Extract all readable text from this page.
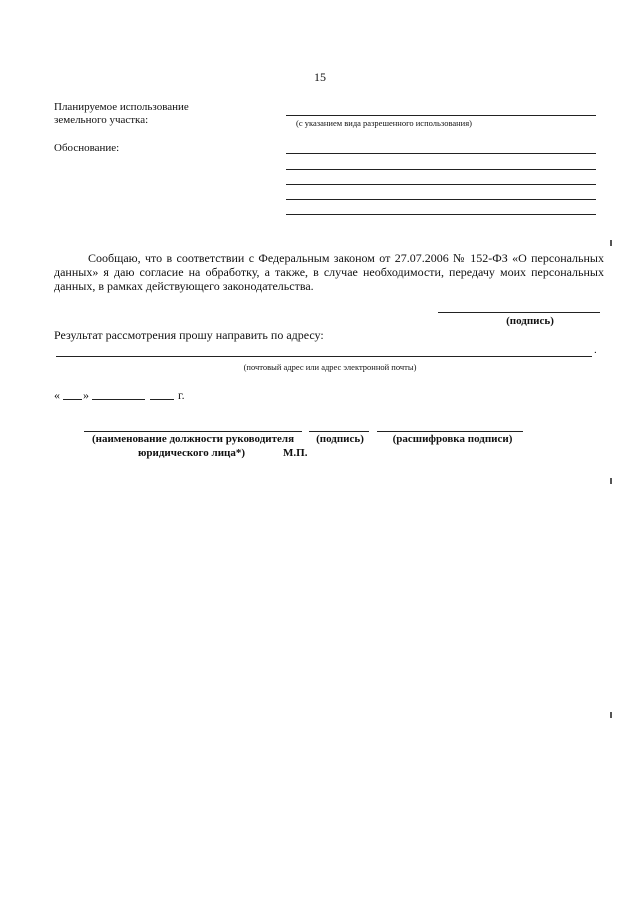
15
Планируемое использование
земельного участка:	(с указанием вида разрешенного использования)
Обоснование:

Сообщаю, что в соответствии с Федеральным законом от 27.07.2006 № 152-ФЗ «О персональных данных» я даю согласие на обработку, а также, в случае необходимости, передачу моих персональных данных, в рамках действующего законодательства.

(подпись)
Результат рассмотрения прошу направить по адресу:
.
(почтовый адрес или адрес электронной почты)
« »	г.
(наименование должности руководителя
юридического лица*)
(подпись)
М.П.
(расшифровка подписи)
